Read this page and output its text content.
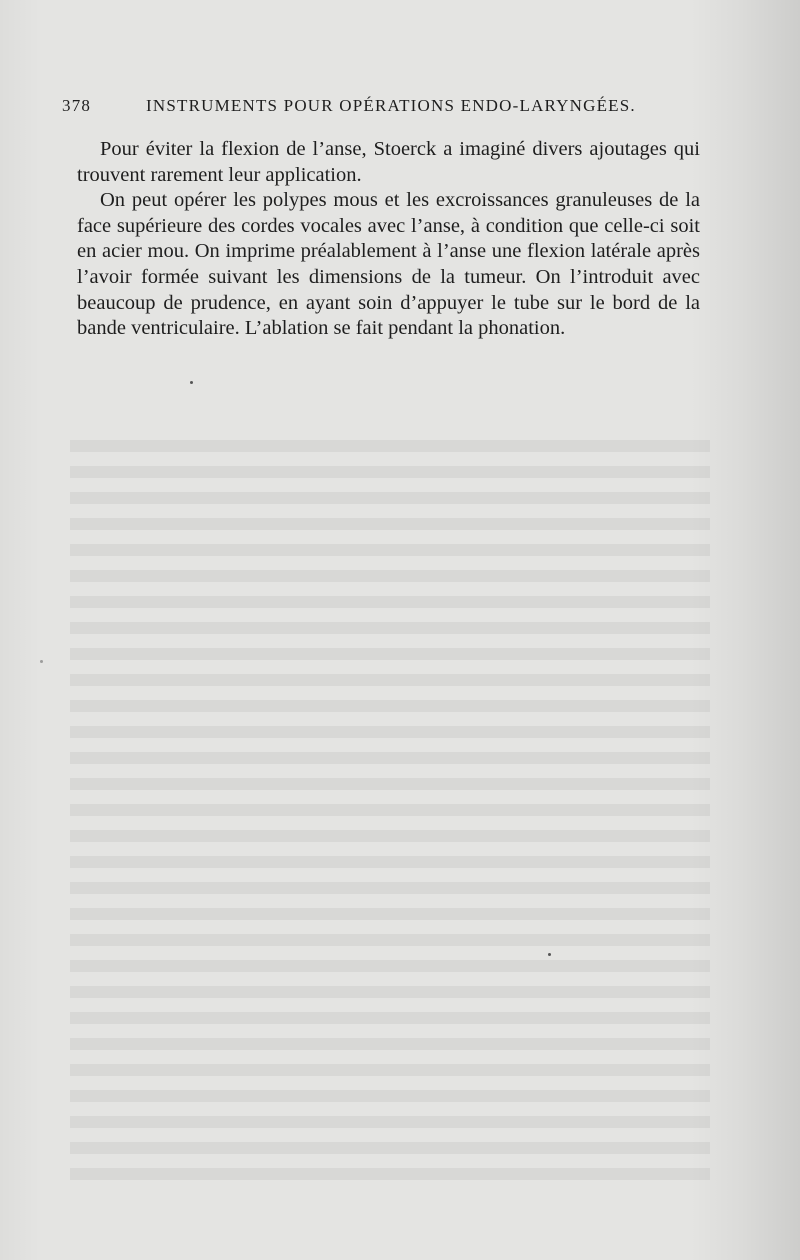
378	INSTRUMENTS POUR OPÉRATIONS ENDO-LARYNGÉES.

Pour éviter la flexion de l’anse, Stoerck a imaginé divers ajoutages qui trouvent rarement leur application.

On peut opérer les polypes mous et les excroissances granuleuses de la face supérieure des cordes vocales avec l’anse, à condition que celle-ci soit en acier mou. On imprime préalablement à l’anse une flexion latérale après l’avoir formée suivant les dimensions de la tumeur. On l’introduit avec beaucoup de prudence, en ayant soin d’appuyer le tube sur le bord de la bande ventriculaire. L’ablation se fait pendant la phonation.
